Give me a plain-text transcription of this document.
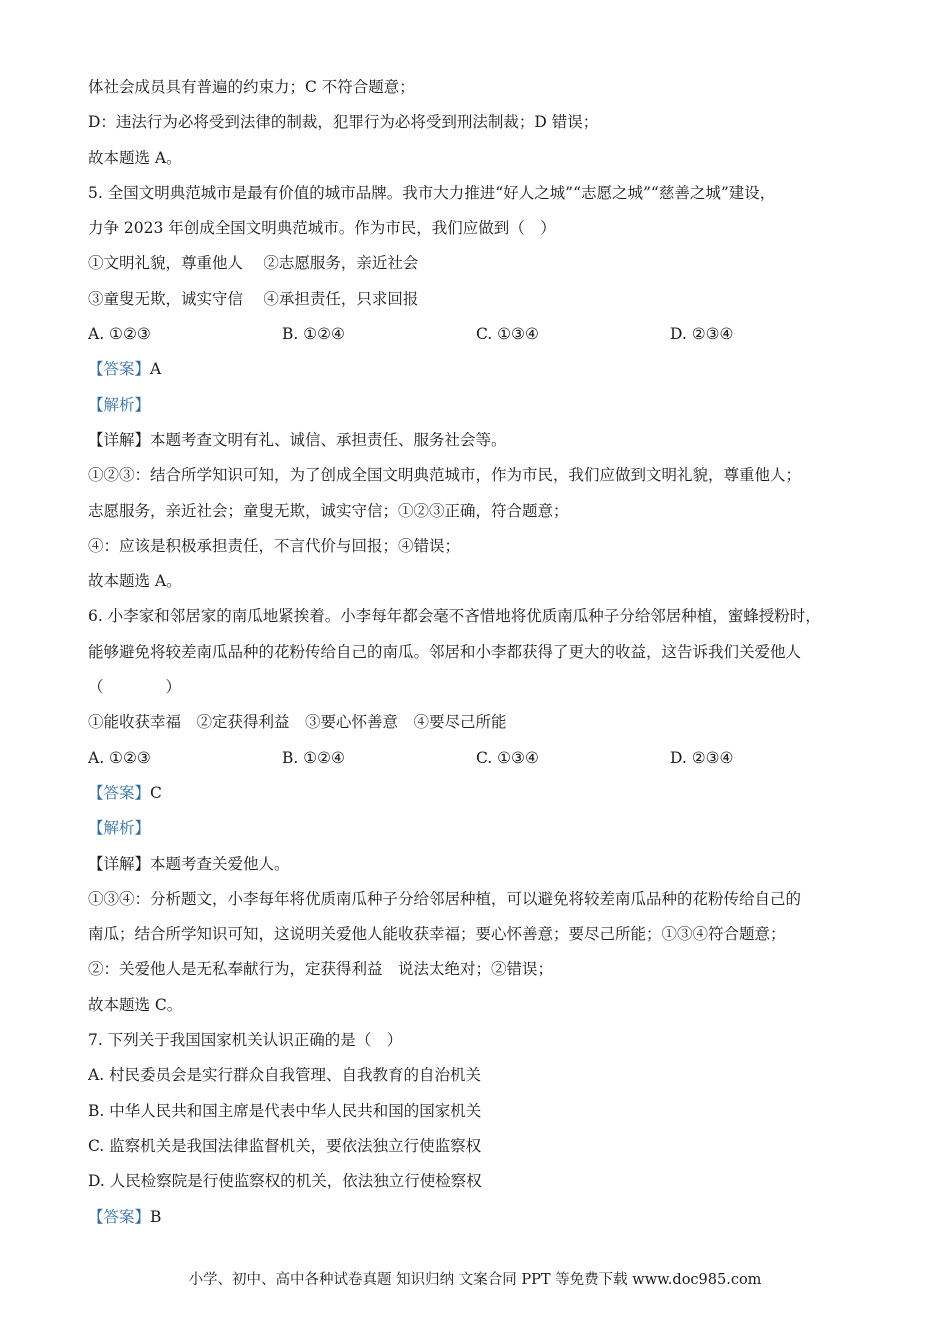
体社会成员具有普遍的约束力；C 不符合题意；
D：违法行为必将受到法律的制裁，犯罪行为必将受到刑法制裁；D 错误；
故本题选 A。
5. 全国文明典范城市是最有价值的城市品牌。我市大力推进“好人之城”“志愿之城”“慈善之城”建设，
力争 2023 年创成全国文明典范城市。作为市民，我们应做到（　）
①文明礼貌，尊重他人　 ②志愿服务，亲近社会
③童叟无欺，诚实守信　 ④承担责任，只求回报
A. ①②③	B. ①②④	C. ①③④	D. ②③④
【答案】A
【解析】
【详解】本题考查文明有礼、诚信、承担责任、服务社会等。
①②③：结合所学知识可知，为了创成全国文明典范城市，作为市民，我们应做到文明礼貌，尊重他人；
志愿服务，亲近社会；童叟无欺，诚实守信；①②③正确，符合题意；
④：应该是积极承担责任，不言代价与回报；④错误；
故本题选 A。
6. 小李家和邻居家的南瓜地紧挨着。小李每年都会毫不吝惜地将优质南瓜种子分给邻居种植，蜜蜂授粉时，
能够避免将较差南瓜品种的花粉传给自己的南瓜。邻居和小李都获得了更大的收益，这告诉我们关爱他人
（　　　　）
①能收获幸福　②定获得利益　③要心怀善意　④要尽己所能
A. ①②③	B. ①②④	C. ①③④	D. ②③④
【答案】C
【解析】
【详解】本题考查关爱他人。
①③④：分析题文，小李每年将优质南瓜种子分给邻居种植，可以避免将较差南瓜品种的花粉传给自己的
南瓜；结合所学知识可知，这说明关爱他人能收获幸福；要心怀善意；要尽己所能；①③④符合题意；
②：关爱他人是无私奉献行为，定获得利益　说法太绝对；②错误；
故本题选 C。
7. 下列关于我国国家机关认识正确的是（　）
A. 村民委员会是实行群众自我管理、自我教育的自治机关
B. 中华人民共和国主席是代表中华人民共和国的国家机关
C. 监察机关是我国法律监督机关，要依法独立行使监察权
D. 人民检察院是行使监察权的机关，依法独立行使检察权
【答案】B
小学、初中、高中各种试卷真题 知识归纳 文案合同 PPT 等免费下载 www.doc985.com
